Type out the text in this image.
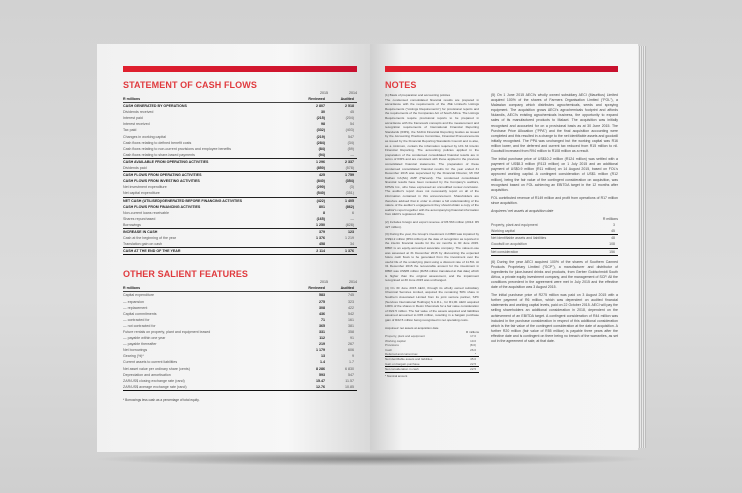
STATEMENT OF CASH FLOWS
2015	2014
R millions	Reviewed	Audited
CASH GENERATED BY OPERATIONS	2 807	2 518
Dividends received	30	45
Interest paid	(215)	(204)
Interest received	98	54
Tax paid	(332)	(403)
Changes in working capital	(219)	547
Cash flows relating to defined benefit costs	(284)	(34)
Cash flows relating to non-current provisions and employee benefits	(84)	(59)
Cash flows relating to share-based payments	(94)	—
CASH AVAILABLE FROM OPERATING ACTIVITIES	1 296	2 337
Dividends paid	(850)	(578)
CASH FLOWS FROM OPERATING ACTIVITIES	425	1 759
CASH FLOWS FROM INVESTING ACTIVITIES	(840)	(354)
Net investment expenditure	(290)	(3)
Net capital expenditure	(540)	(351)
NET CASH (UTILISED)/GENERATED BEFORE FINANCING ACTIVITIES	(422)	1 405
CASH FLOWS FROM FINANCING ACTIVITIES	801	(862)
Non-current loans receivable	8	6
Shares repurchased	(165)	—
Borrowings	1 250	(828)
INCREASE IN CASH	379	123
Cash at the beginning of the year	1 376	1 219
Translation gain on cash	458	34
CASH AT THE END OF THE YEAR	2 114	1 376
OTHER SALIENT FEATURES
2015	2014
R millions	Reviewed	Audited
Capital expenditure	583	745
— expansion	275	323
— replacement	308	422
Capital commitments	436	542
— contracted for	71	161
— not contracted for	365	381
Future rentals on property, plant and equipment leased	331	358
— payable within one year	112	91
— payable thereafter	219	267
Net borrowings	1 179	606
Gearing (%)*	13	9
Current assets to current liabilities	1.4	1.7
Net asset value per ordinary share (cents)	8 286	6 830
Depreciation and amortisation	593	547
ZAR/US$ closing exchange rate (rand)	15.47	11.57
ZAR/US$ average exchange rate (rand)	12.76	10.85
* Borrowings less cash as a percentage of total equity.
NOTES

(1) Basis of preparation and accounting policies
The condensed consolidated financial results are prepared in accordance with the requirements of the JSE Limited's Listings Requirements ("Listings Requirements") for provisional reports and the requirements of the Companies Act of South Africa. The Listings Requirements require provisional reports to be prepared in accordance with the framework concepts and the measurement and recognition requirements of International Financial Reporting Standards (IFRS), the SAICA Financial Reporting Guides as issued by the Accounting Practices Committee, Financial Pronouncements as issued by the Financial Reporting Standards Council and to also, as a minimum, contain the information required by IAS 34 Interim Financial Reporting. The accounting policies applied in the preparation of the condensed consolidated financial results are in terms of IFRS and are consistent with those applied in the previous consolidated financial statements. The preparation of these condensed consolidated financial results for the year ended 31 December 2015 was supervised by the Financial Director, Mr KM Kathan CA(SA) AMP (Harvard). The condensed consolidated financial results have been reviewed by the Company's auditors, KPMG Inc., who have expressed an unmodified review conclusion. The auditor's report does not necessarily report on all of the information contained in this announcement. Shareholders are therefore advised that in order to obtain a full understanding of the nature of the auditor's engagement they should obtain a copy of the auditor's report together with the accompanying financial information from AECI's registered office.

(2) Includes foreign and export revenue of R6 563 million (2014: R5 427 million).

(3) During the year, the Group's investment in DBRI was impaired by US$4.2 million (R54 million) at the date of recognition as reported in the interim financial results for the six months to 30 June 2015. DBRI is an equity-accounted associate company. The value-in-use was assessed at 31 December 2015 by discounting the expected future cash flows to be generated from the investment over the useful life of the underlying plant using a discount rate of 11.5%. At 31 December 2015 the recoverable amount for the investment in DBRI was US$35 million (R253 million translated at that date) which is higher than the original assessment, and the impairment recognised at 30 June 2015 was unchanged.

(4) On 30 June 2015 AECI, through its wholly owned subsidiary Chemical Services Limited, acquired the remaining 50% share in Southern Associated Limited from its joint venture partner, SPC (Services International Holdings) S.A.R.L., for R1,00. AECI acquired 100% of the shares in Resin Chemicals for a fair value consideration of R22.5 million. The fair value of the assets acquired and liabilities assumed amounted to R45 million, resulting in a bargain purchase gain of R22.5 million being recognised in net operating costs.

Acquirees' net assets at acquisition date
R millions
Property, plant and equipment	17.0
Working capital	10.0
Provisions	(8.0)
Cash	26.0
Deferred and current tax	*
Net identifiable assets and liabilities	45.0
Gain on bargain purchase	22.5
Net consideration in cash	22.5
* Nominal amount

(5) On 1 June 2015 AECI's wholly owned subsidiary AECI (Mauritius) Limited acquired 100% of the shares of Farmers Organisation Limited ("FOL"), a Malawian company which distributes agrochemicals, seeds and spraying equipment. The acquisition grows AECI's agrochemicals footprint and affords Nulandis, AECI's existing agrochemicals business, the opportunity to expand sales of its manufactured products to Malawi. The acquisition was initially recognised and accounted for on a provisional basis as at 30 June 2015. The Purchase Price Allocation ("PPA") and the final acquisition accounting were completed and this resulted in a change to the net identifiable assets and goodwill initially recognised. The PPA was unchanged but the working capital was R16 million lower, and the deferred and current tax reduced from R15 million to nil. Goodwill increased from R94 million to R108 million as a result.

The initial purchase price of US$10.2 million (R124 million) was settled with a payment of US$8.3 million (R113 million) on 1 July 2015 and an additional payment of US$0.9 million (R11 million) on 14 August 2015, based on FOL's approved working capital. A contingent consideration of US$1 million (R12 million), being the fair value of the contingent consideration on acquisition, was recognised based on FOL achieving an EBITDA target in the 12 months after acquisition.

FOL contributed revenue of R149 million and profit from operations of R17 million since acquisition.

Acquirees' net assets at acquisition date

R millions
Property, plant and equipment	3
Working capital	45
Net identifiable assets and liabilities	48
Goodwill on acquisition	108
Net consideration	156

(6) During the year AECI acquired 100% of the shares of Southern Canned Products Proprietary Limited ("SCP"), a manufacturer and distributor of ingredients for juice-based drinks and products, from Gerber Goldschmidt South Africa, a private equity investment company, and the management of SCP. All the conditions precedent in the agreement were met in July 2015 and the effective date of the acquisition was 3 August 2015.

The initial purchase price of R275 million was paid on 3 August 2015 with a further payment of R6 million, which was dependent on audited financial statements and working capital levels, paid on 22 October 2015. AECI will pay the selling shareholders an additional consideration in 2018, dependent on the achievement of an EBITDA target. A contingent consideration of R44 million was included in the purchase consideration in respect of this additional consideration which is the fair value of the contingent consideration at the date of acquisition. A further R20 million (fair value of R55 million) is payable three years after the effective date and is contingent on there being no breach of the warranties, as set out in the agreement of sale, at that date.
